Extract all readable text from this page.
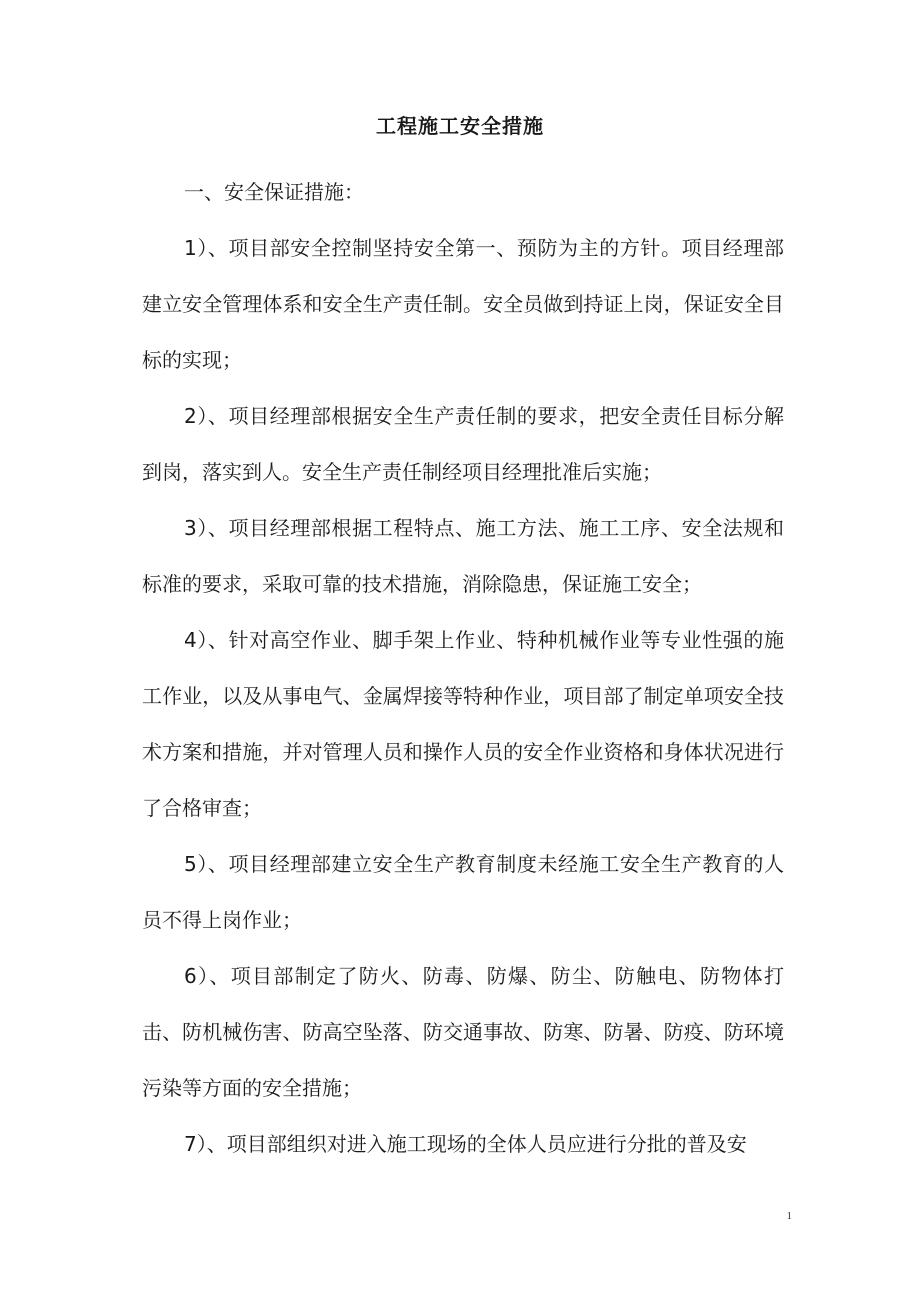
工程施工安全措施

一、安全保证措施：

1）、项目部安全控制坚持安全第一、预防为主的方针。项目经理部建立安全管理体系和安全生产责任制。安全员做到持证上岗，保证安全目标的实现；

2）、项目经理部根据安全生产责任制的要求，把安全责任目标分解到岗，落实到人。安全生产责任制经项目经理批准后实施；

3）、项目经理部根据工程特点、施工方法、施工工序、安全法规和标准的要求，采取可靠的技术措施，消除隐患，保证施工安全；

4）、针对高空作业、脚手架上作业、特种机械作业等专业性强的施工作业，以及从事电气、金属焊接等特种作业，项目部了制定单项安全技术方案和措施，并对管理人员和操作人员的安全作业资格和身体状况进行了合格审查；

5）、项目经理部建立安全生产教育制度未经施工安全生产教育的人员不得上岗作业；

6）、项目部制定了防火、防毒、防爆、防尘、防触电、防物体打击、防机械伤害、防高空坠落、防交通事故、防寒、防暑、防疫、防环境污染等方面的安全措施；

7）、项目部组织对进入施工现场的全体人员应进行分批的普及安

1
